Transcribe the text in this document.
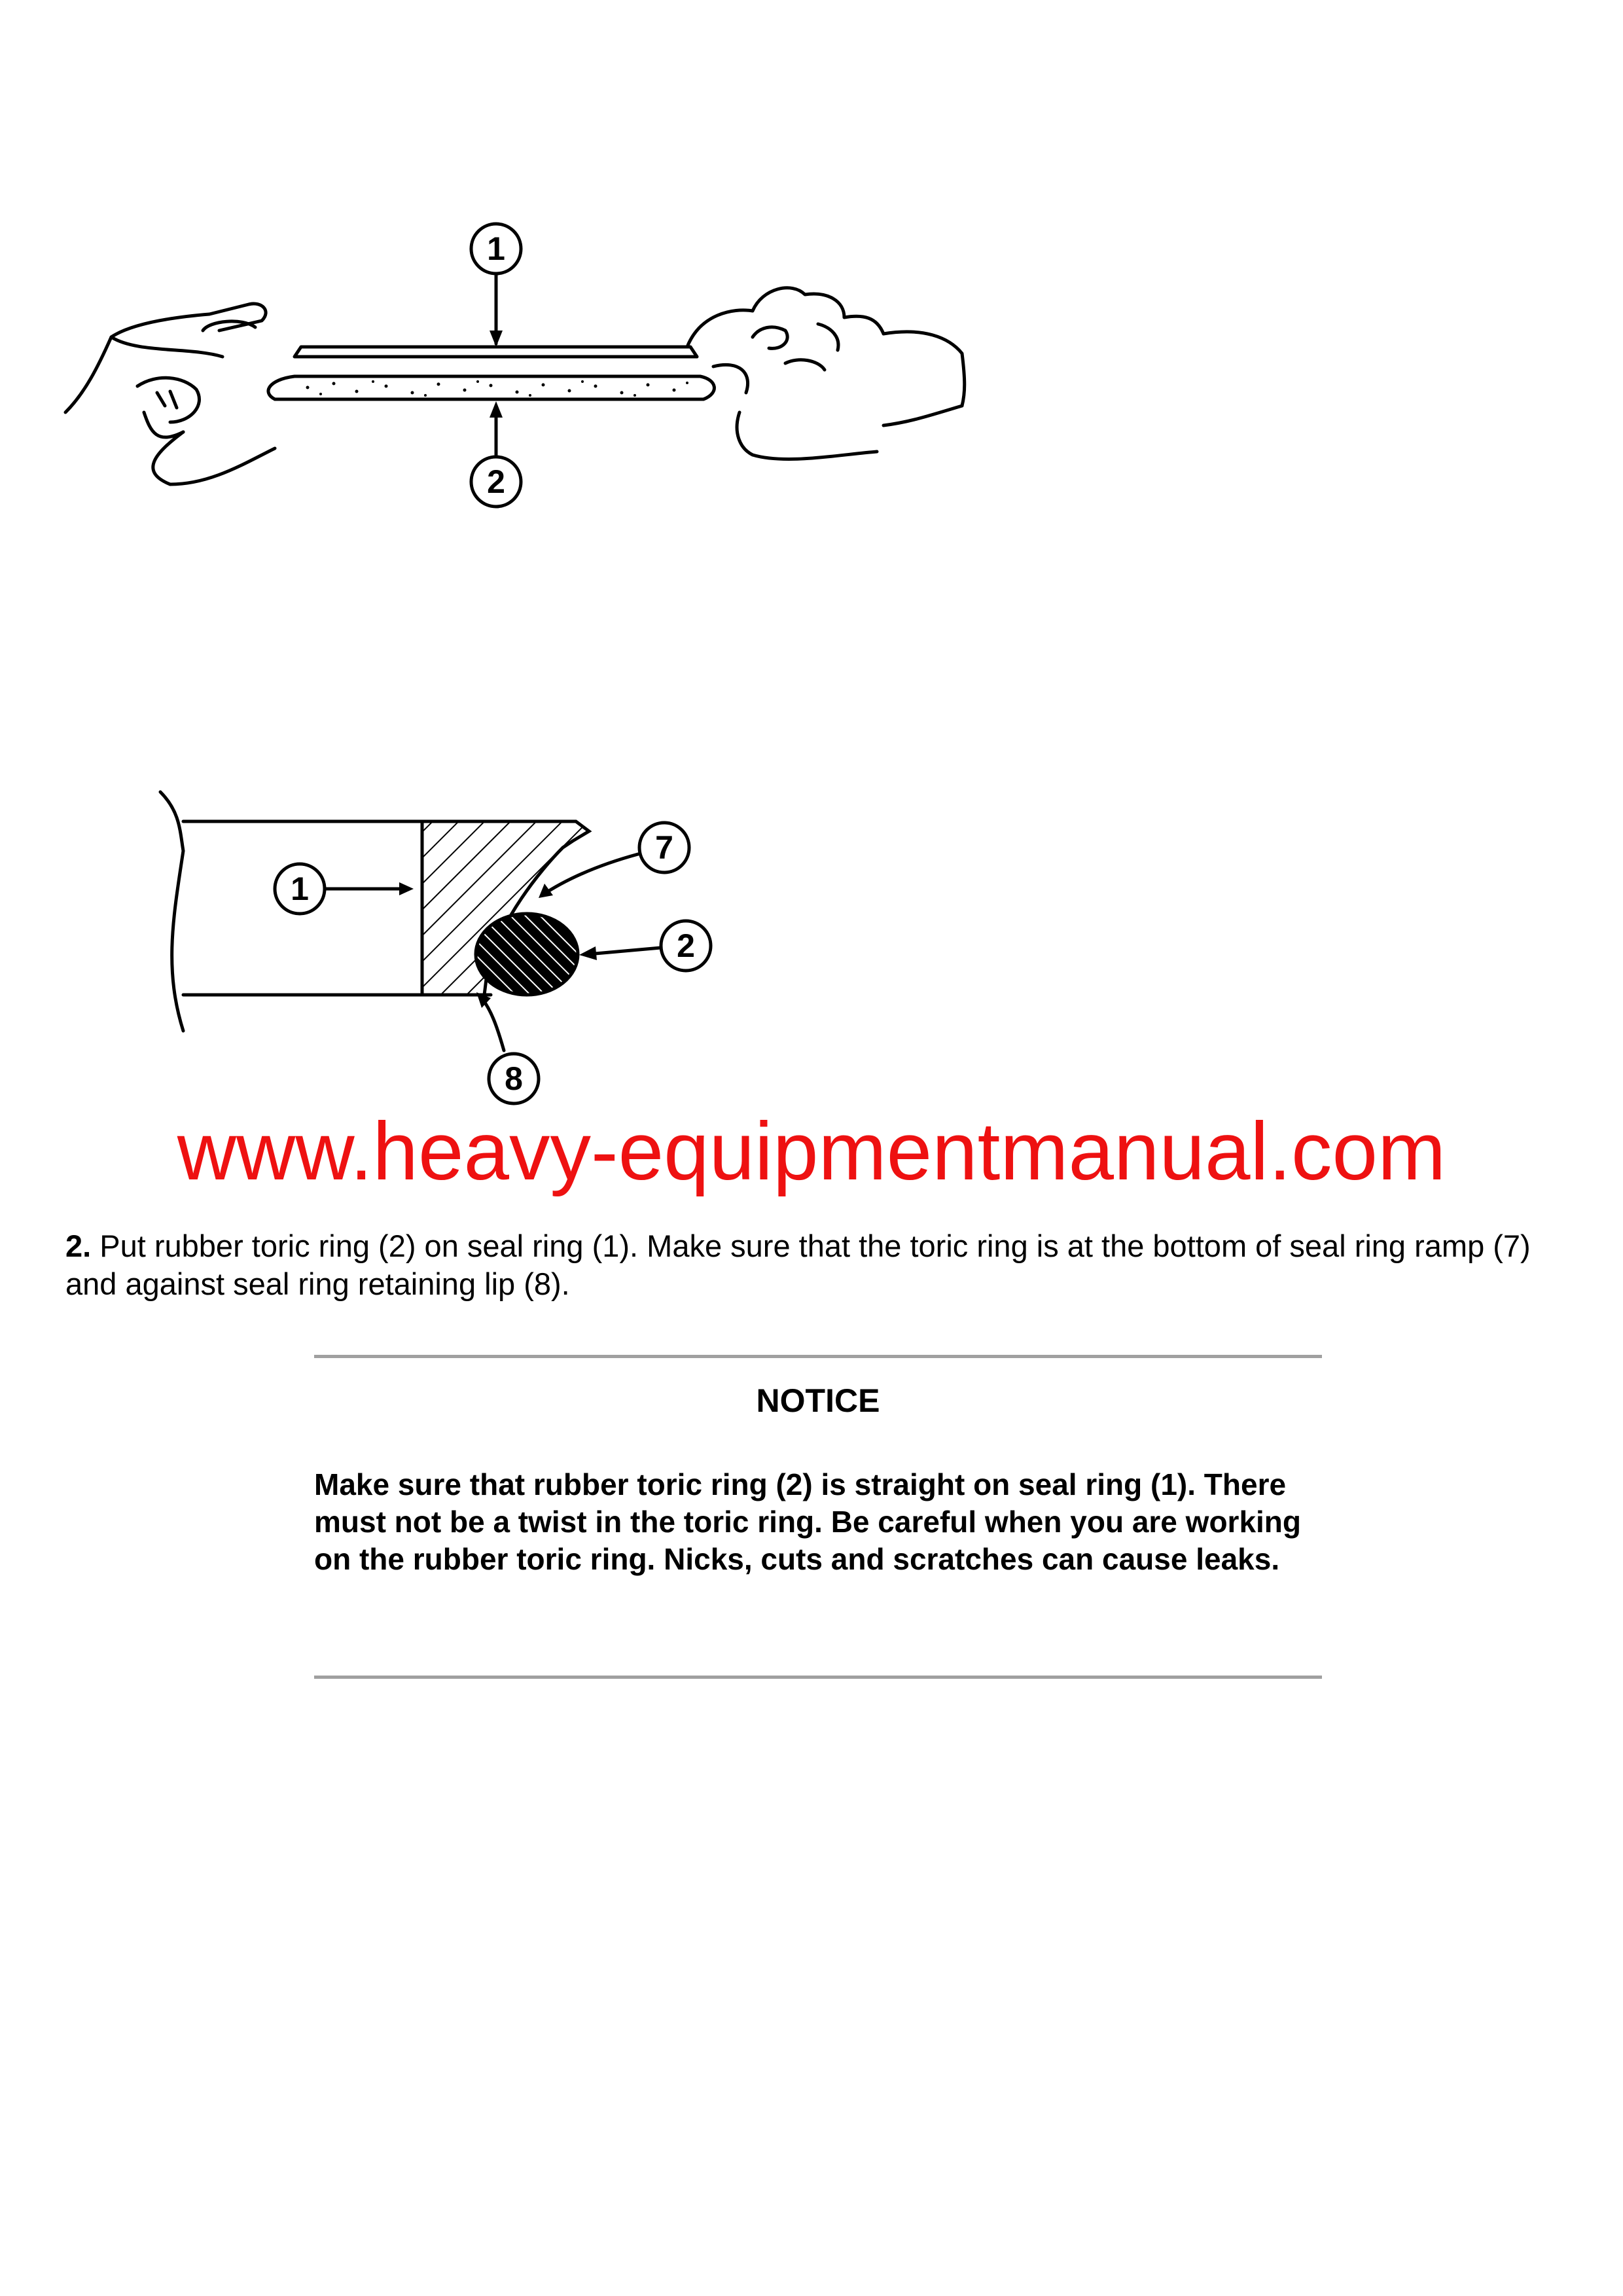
1
2
1
7
2
8
www.heavy-equipmentmanual.com
2. Put rubber toric ring (2) on seal ring (1). Make sure that the toric ring is at the bottom of seal ring ramp (7) and against seal ring retaining lip (8).
NOTICE
Make sure that rubber toric ring (2) is straight on seal ring (1). There must not be a twist in the toric ring. Be careful when you are working on the rubber toric ring. Nicks, cuts and scratches can cause leaks.
